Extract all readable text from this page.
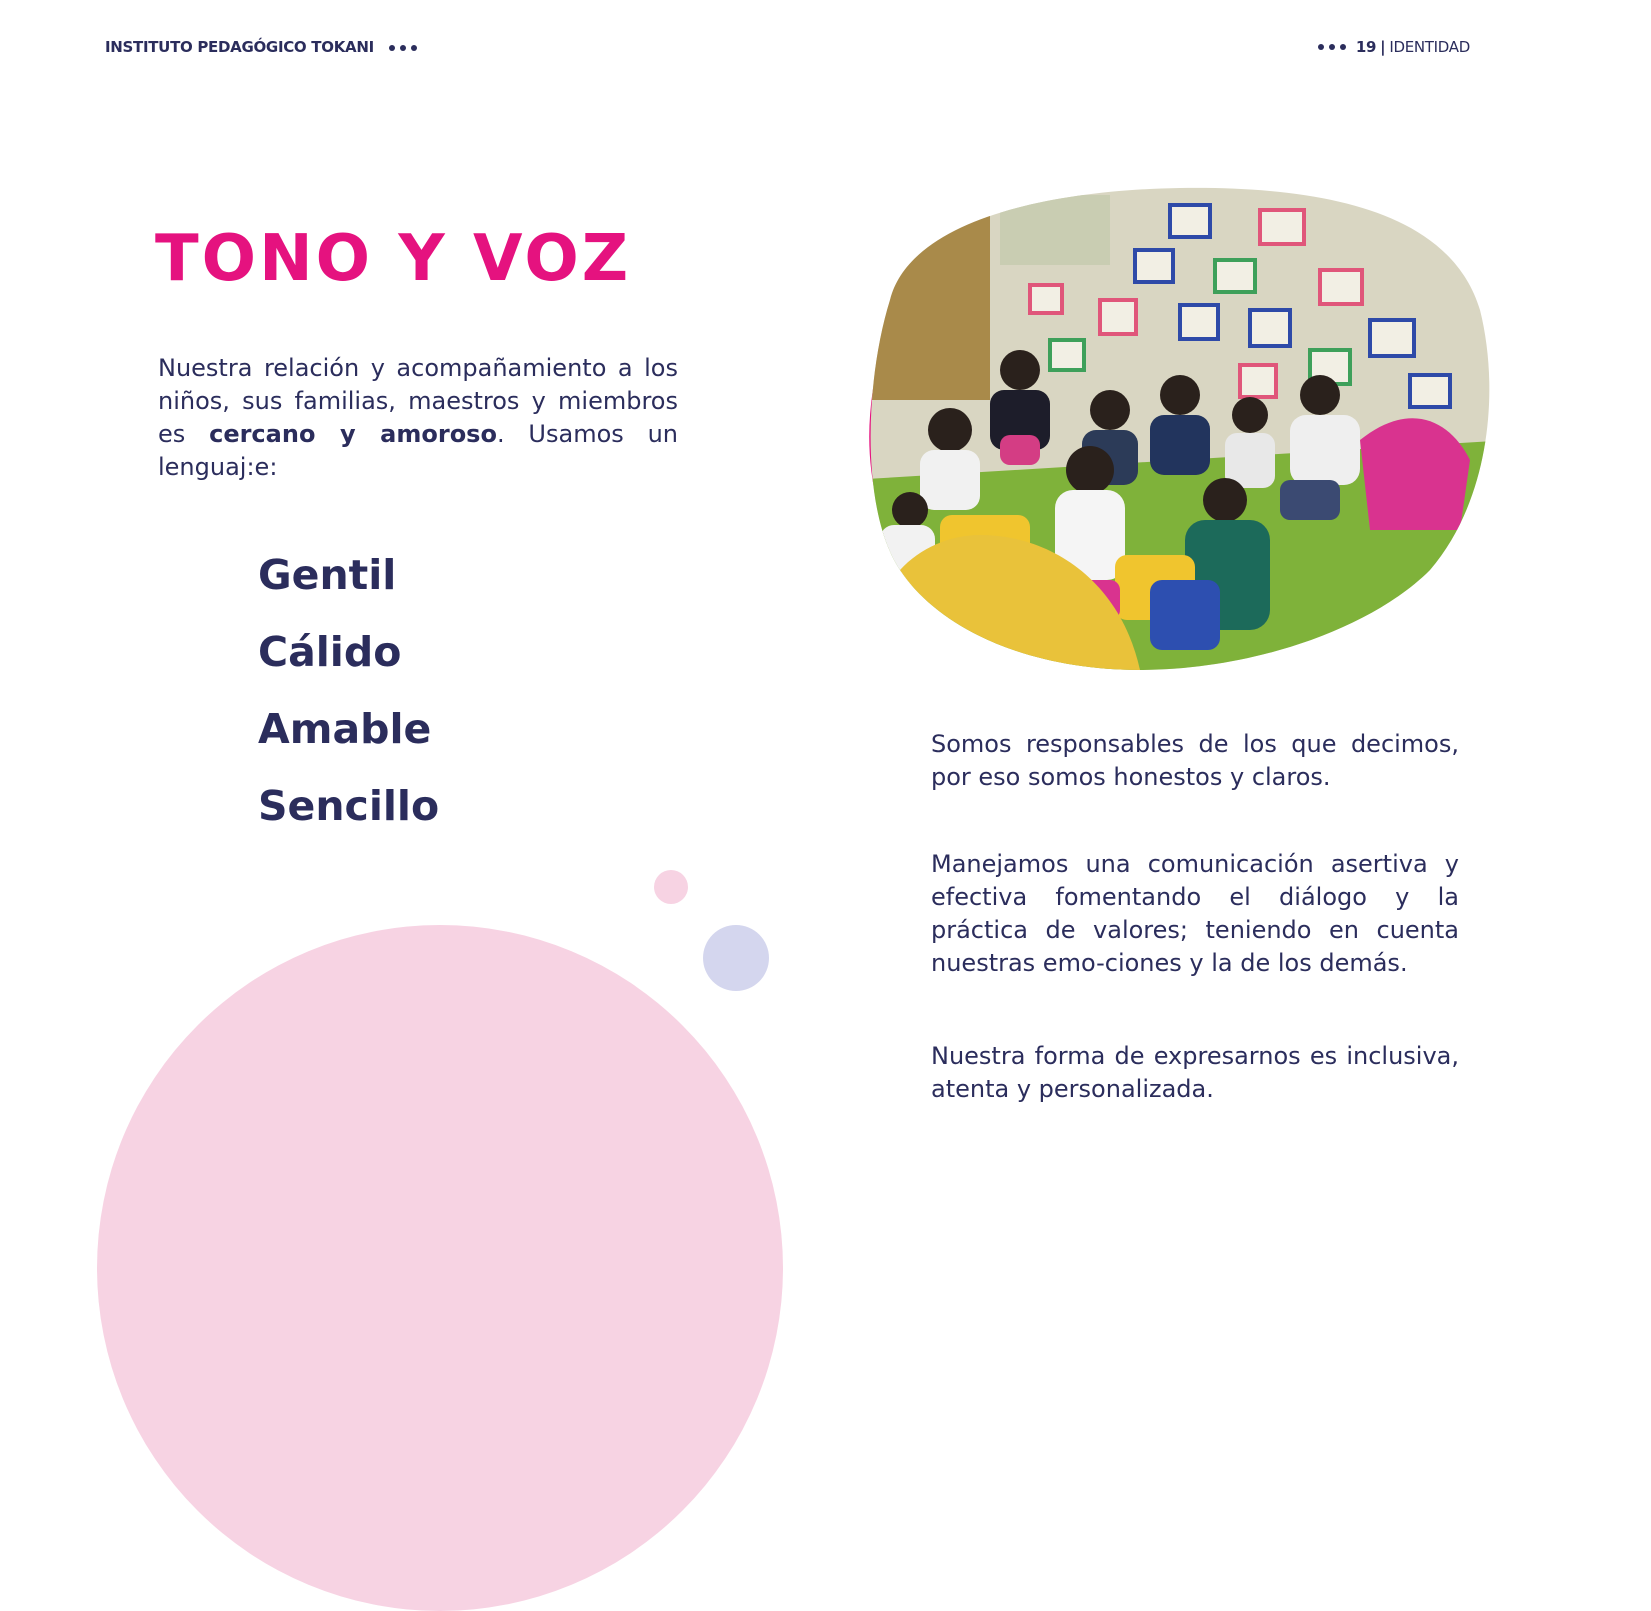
INSTITUTO PEDAGÓGICO TOKANI	19 | IDENTIDAD
TONO Y VOZ
Nuestra relación y acompañamiento a los niños, sus familias, maestros y miembros es cercano y amoroso. Usamos un lenguaj:e:
Gentil
Cálido
Amable
Sencillo
Somos responsables de los que decimos, por eso somos honestos y claros.
Manejamos una comunicación asertiva y efectiva fomentando el diálogo y la práctica de valores; teniendo en cuenta nuestras emo-ciones y la de los demás.
Nuestra forma de expresarnos es inclusiva, atenta y personalizada.
